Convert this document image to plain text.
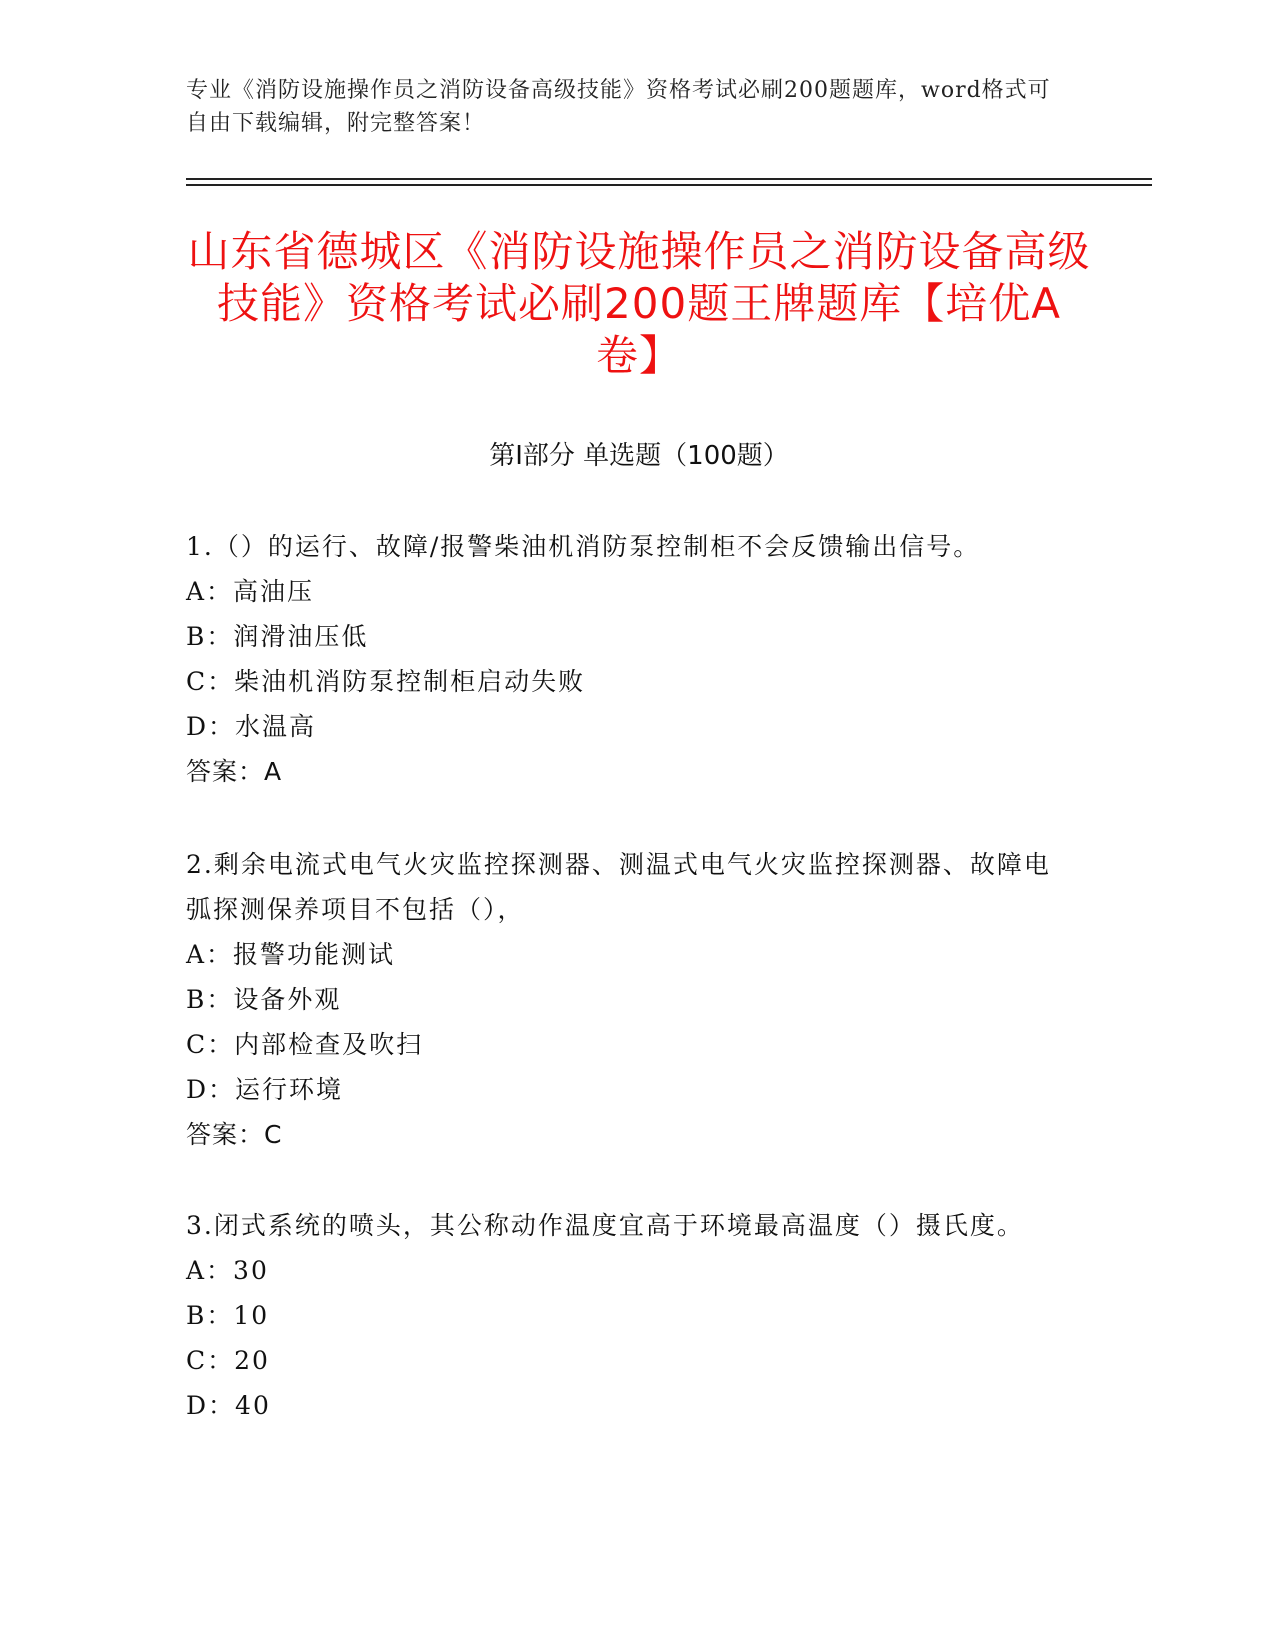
专业《消防设施操作员之消防设备高级技能》资格考试必刷200题题库，word格式可自由下载编辑，附完整答案！
山东省德城区《消防设施操作员之消防设备高级技能》资格考试必刷200题王牌题库【培优A卷】
第I部分 单选题（100题）
1.（）的运行、故障/报警柴油机消防泵控制柜不会反馈输出信号。
A：高油压
B：润滑油压低
C：柴油机消防泵控制柜启动失败
D：水温高
答案：A
2.剩余电流式电气火灾监控探测器、测温式电气火灾监控探测器、故障电弧探测保养项目不包括（），
A：报警功能测试
B：设备外观
C：内部检查及吹扫
D：运行环境
答案：C
3.闭式系统的喷头，其公称动作温度宜高于环境最高温度（）摄氏度。
A：30
B：10
C：20
D：40
